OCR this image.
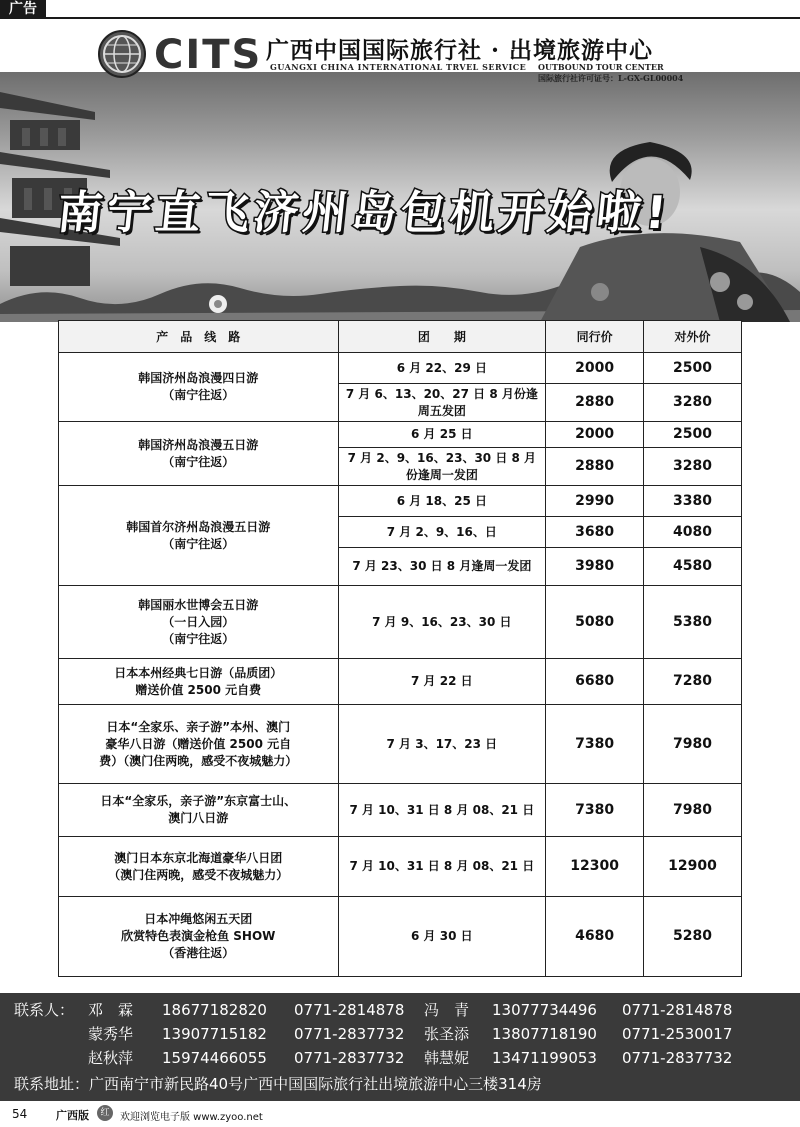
广告
CITS 广西中国国际旅行社 · 出境旅游中心
GUANGXI CHINA INTERNATIONAL TRVEL SERVICE OUTBOUND TOUR CENTER
国际旅行社许可证号：L-GX-GL00004
南宁直飞济州岛包机开始啦!
产　品　线　路	团　　期	同行价	对外价

韩国济州岛浪漫四日游
（南宁往返）	6 月 22、29 日	2000	2500
	7 月 6、13、20、27 日 8 月份逢周五发团	2880	3280

韩国济州岛浪漫五日游
（南宁往返）	6 月 25 日	2000	2500
	7 月 2、9、16、23、30 日 8 月份逢周一发团	2880	3280

韩国首尔济州岛浪漫五日游
（南宁往返）	6 月 18、25 日	2990	3380
	7 月 2、9、16、日	3680	4080
	7 月 23、30 日 8 月逢周一发团	3980	4580

韩国丽水世博会五日游
（一日入园）
（南宁往返）	7 月 9、16、23、30 日	5080	5380

日本本州经典七日游（品质团）
赠送价值 2500 元自费	7 月 22 日	6680	7280

日本“全家乐、亲子游”本州、澳门
豪华八日游（赠送价值 2500 元自
费）（澳门住两晚，感受不夜城魅力）	7 月 3、17、23 日	7380	7980

日本“全家乐，亲子游”东京富士山、
澳门八日游	7 月 10、31 日 8 月 08、21 日	7380	7980

澳门日本东京北海道豪华八日团
（澳门住两晚，感受不夜城魅力）	7 月 10、31 日 8 月 08、21 日	12300	12900

日本冲绳悠闲五天团
欣赏特色表演金枪鱼 SHOW
（香港往返）	6 月 30 日	4680	5280
联系人： 邓　霖 18677182820 0771-2814878 冯　青 13077734496 0771-2814878
蒙秀华 13907715182 0771-2837732 张圣添 13807718190 0771-2530017
赵秋萍 15974466055 0771-2837732 韩慧妮 13471199053 0771-2837732
联系地址：广西南宁市新民路40号广西中国国际旅行社出境旅游中心三楼314房
54	广西版	红	欢迎浏览电子版 www.zyoo.net
